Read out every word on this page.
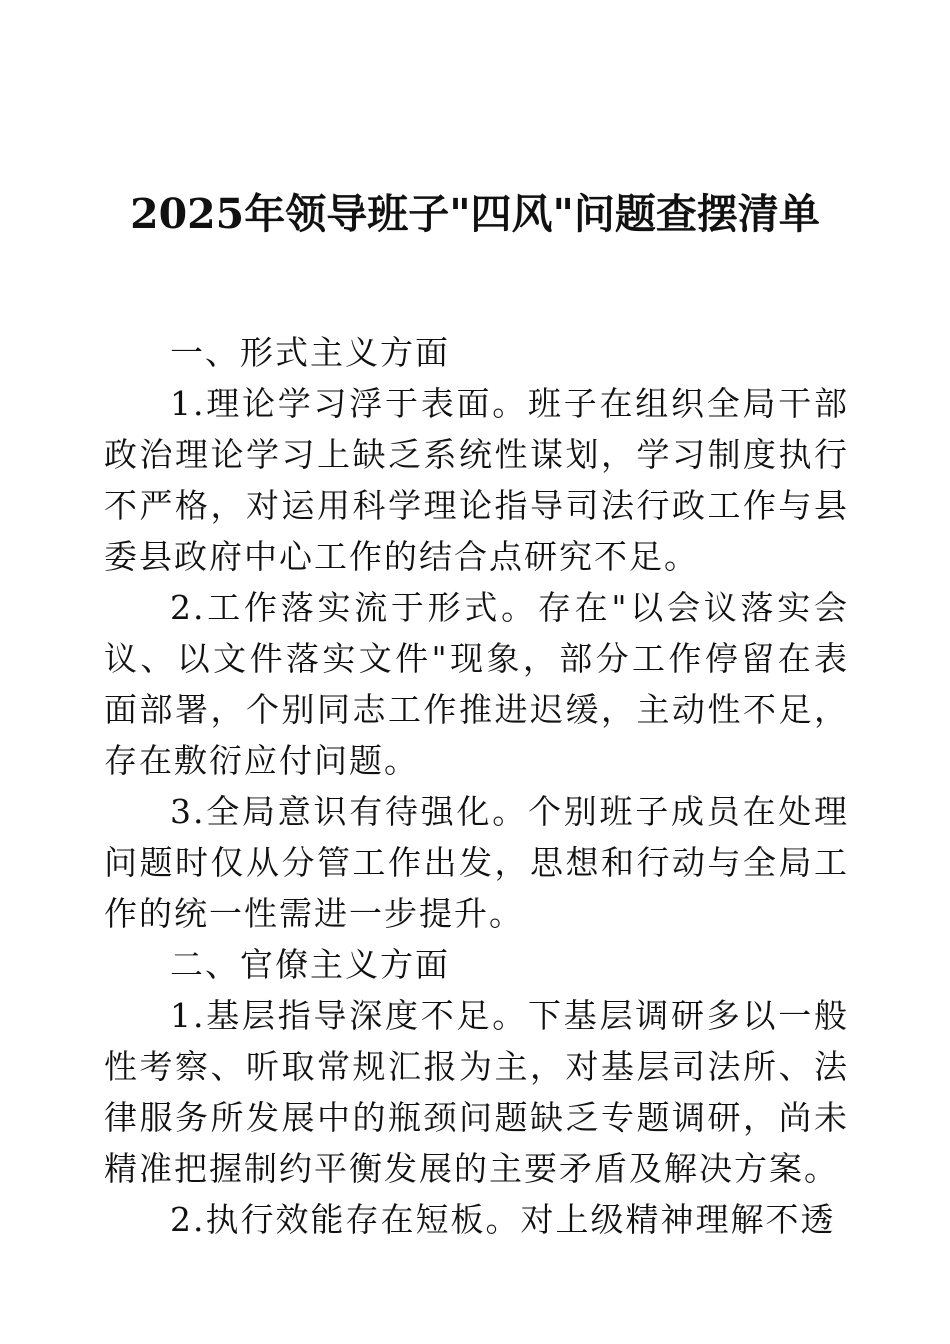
2025年领导班子"四风"问题查摆清单

一、形式主义方面

1.理论学习浮于表面。班子在组织全局干部政治理论学习上缺乏系统性谋划，学习制度执行不严格，对运用科学理论指导司法行政工作与县委县政府中心工作的结合点研究不足。

2.工作落实流于形式。存在"以会议落实会议、以文件落实文件"现象，部分工作停留在表面部署，个别同志工作推进迟缓，主动性不足，存在敷衍应付问题。

3.全局意识有待强化。个别班子成员在处理问题时仅从分管工作出发，思想和行动与全局工作的统一性需进一步提升。

二、官僚主义方面

1.基层指导深度不足。下基层调研多以一般性考察、听取常规汇报为主，对基层司法所、法律服务所发展中的瓶颈问题缺乏专题调研，尚未精准把握制约平衡发展的主要矛盾及解决方案。

2.执行效能存在短板。对上级精神理解不透
